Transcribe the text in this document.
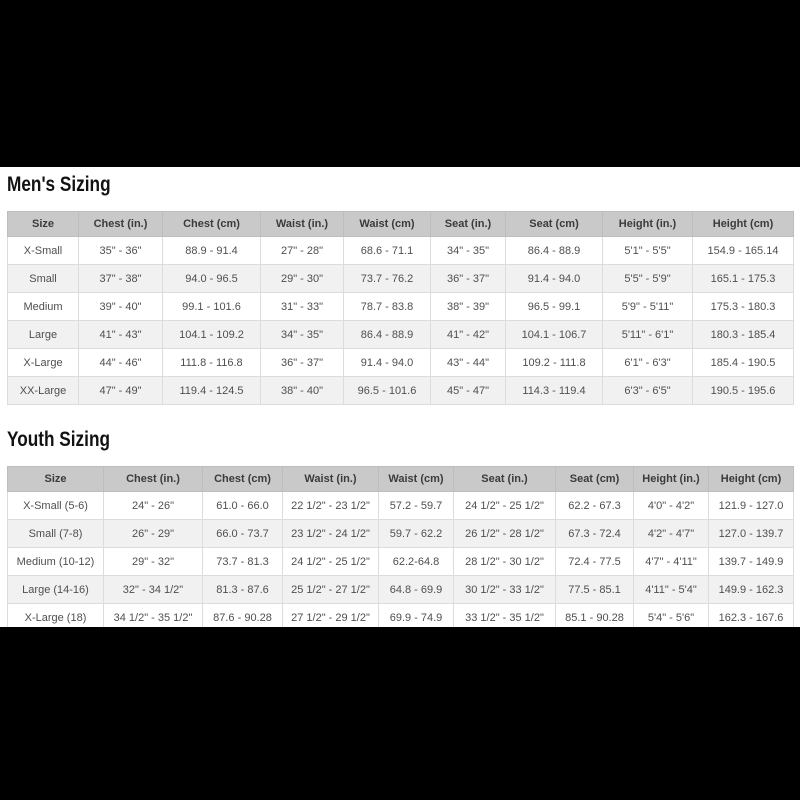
Men's Sizing
Size	Chest (in.)	Chest (cm)	Waist (in.)	Waist (cm)	Seat (in.)	Seat (cm)	Height (in.)	Height (cm)
X-Small	35" - 36"	88.9 - 91.4	27" - 28"	68.6 - 71.1	34" - 35"	86.4 - 88.9	5'1" - 5'5"	154.9 - 165.14
Small	37" - 38"	94.0 - 96.5	29" - 30"	73.7 - 76.2	36" - 37"	91.4 - 94.0	5'5" - 5'9"	165.1 - 175.3
Medium	39" - 40"	99.1 - 101.6	31" - 33"	78.7 - 83.8	38" - 39"	96.5 - 99.1	5'9" - 5'11"	175.3 - 180.3
Large	41" - 43"	104.1 - 109.2	34" - 35"	86.4 - 88.9	41" - 42"	104.1 - 106.7	5'11" - 6'1"	180.3 - 185.4
X-Large	44" - 46"	111.8 - 116.8	36" - 37"	91.4 - 94.0	43" - 44"	109.2 - 111.8	6'1" - 6'3"	185.4 - 190.5
XX-Large	47" - 49"	119.4 - 124.5	38" - 40"	96.5 - 101.6	45" - 47"	114.3 - 119.4	6'3" - 6'5"	190.5 - 195.6
Youth Sizing
Size	Chest (in.)	Chest (cm)	Waist (in.)	Waist (cm)	Seat (in.)	Seat (cm)	Height (in.)	Height (cm)
X-Small (5-6)	24" - 26"	61.0 - 66.0	22 1/2" - 23 1/2"	57.2 - 59.7	24 1/2" - 25 1/2"	62.2 - 67.3	4'0" - 4'2"	121.9 - 127.0
Small (7-8)	26" - 29"	66.0 - 73.7	23 1/2" - 24 1/2"	59.7 - 62.2	26 1/2" - 28 1/2"	67.3 - 72.4	4'2" - 4'7"	127.0 - 139.7
Medium (10-12)	29" - 32"	73.7 - 81.3	24 1/2" - 25 1/2"	62.2-64.8	28 1/2" - 30 1/2"	72.4 - 77.5	4'7" - 4'11"	139.7 - 149.9
Large (14-16)	32" - 34 1/2"	81.3 - 87.6	25 1/2" - 27 1/2"	64.8 - 69.9	30 1/2" - 33 1/2"	77.5 - 85.1	4'11" - 5'4"	149.9 - 162.3
X-Large (18)	34 1/2" - 35 1/2"	87.6 - 90.28	27 1/2" - 29 1/2"	69.9 - 74.9	33 1/2" - 35 1/2"	85.1 - 90.28	5'4" - 5'6"	162.3 - 167.6
